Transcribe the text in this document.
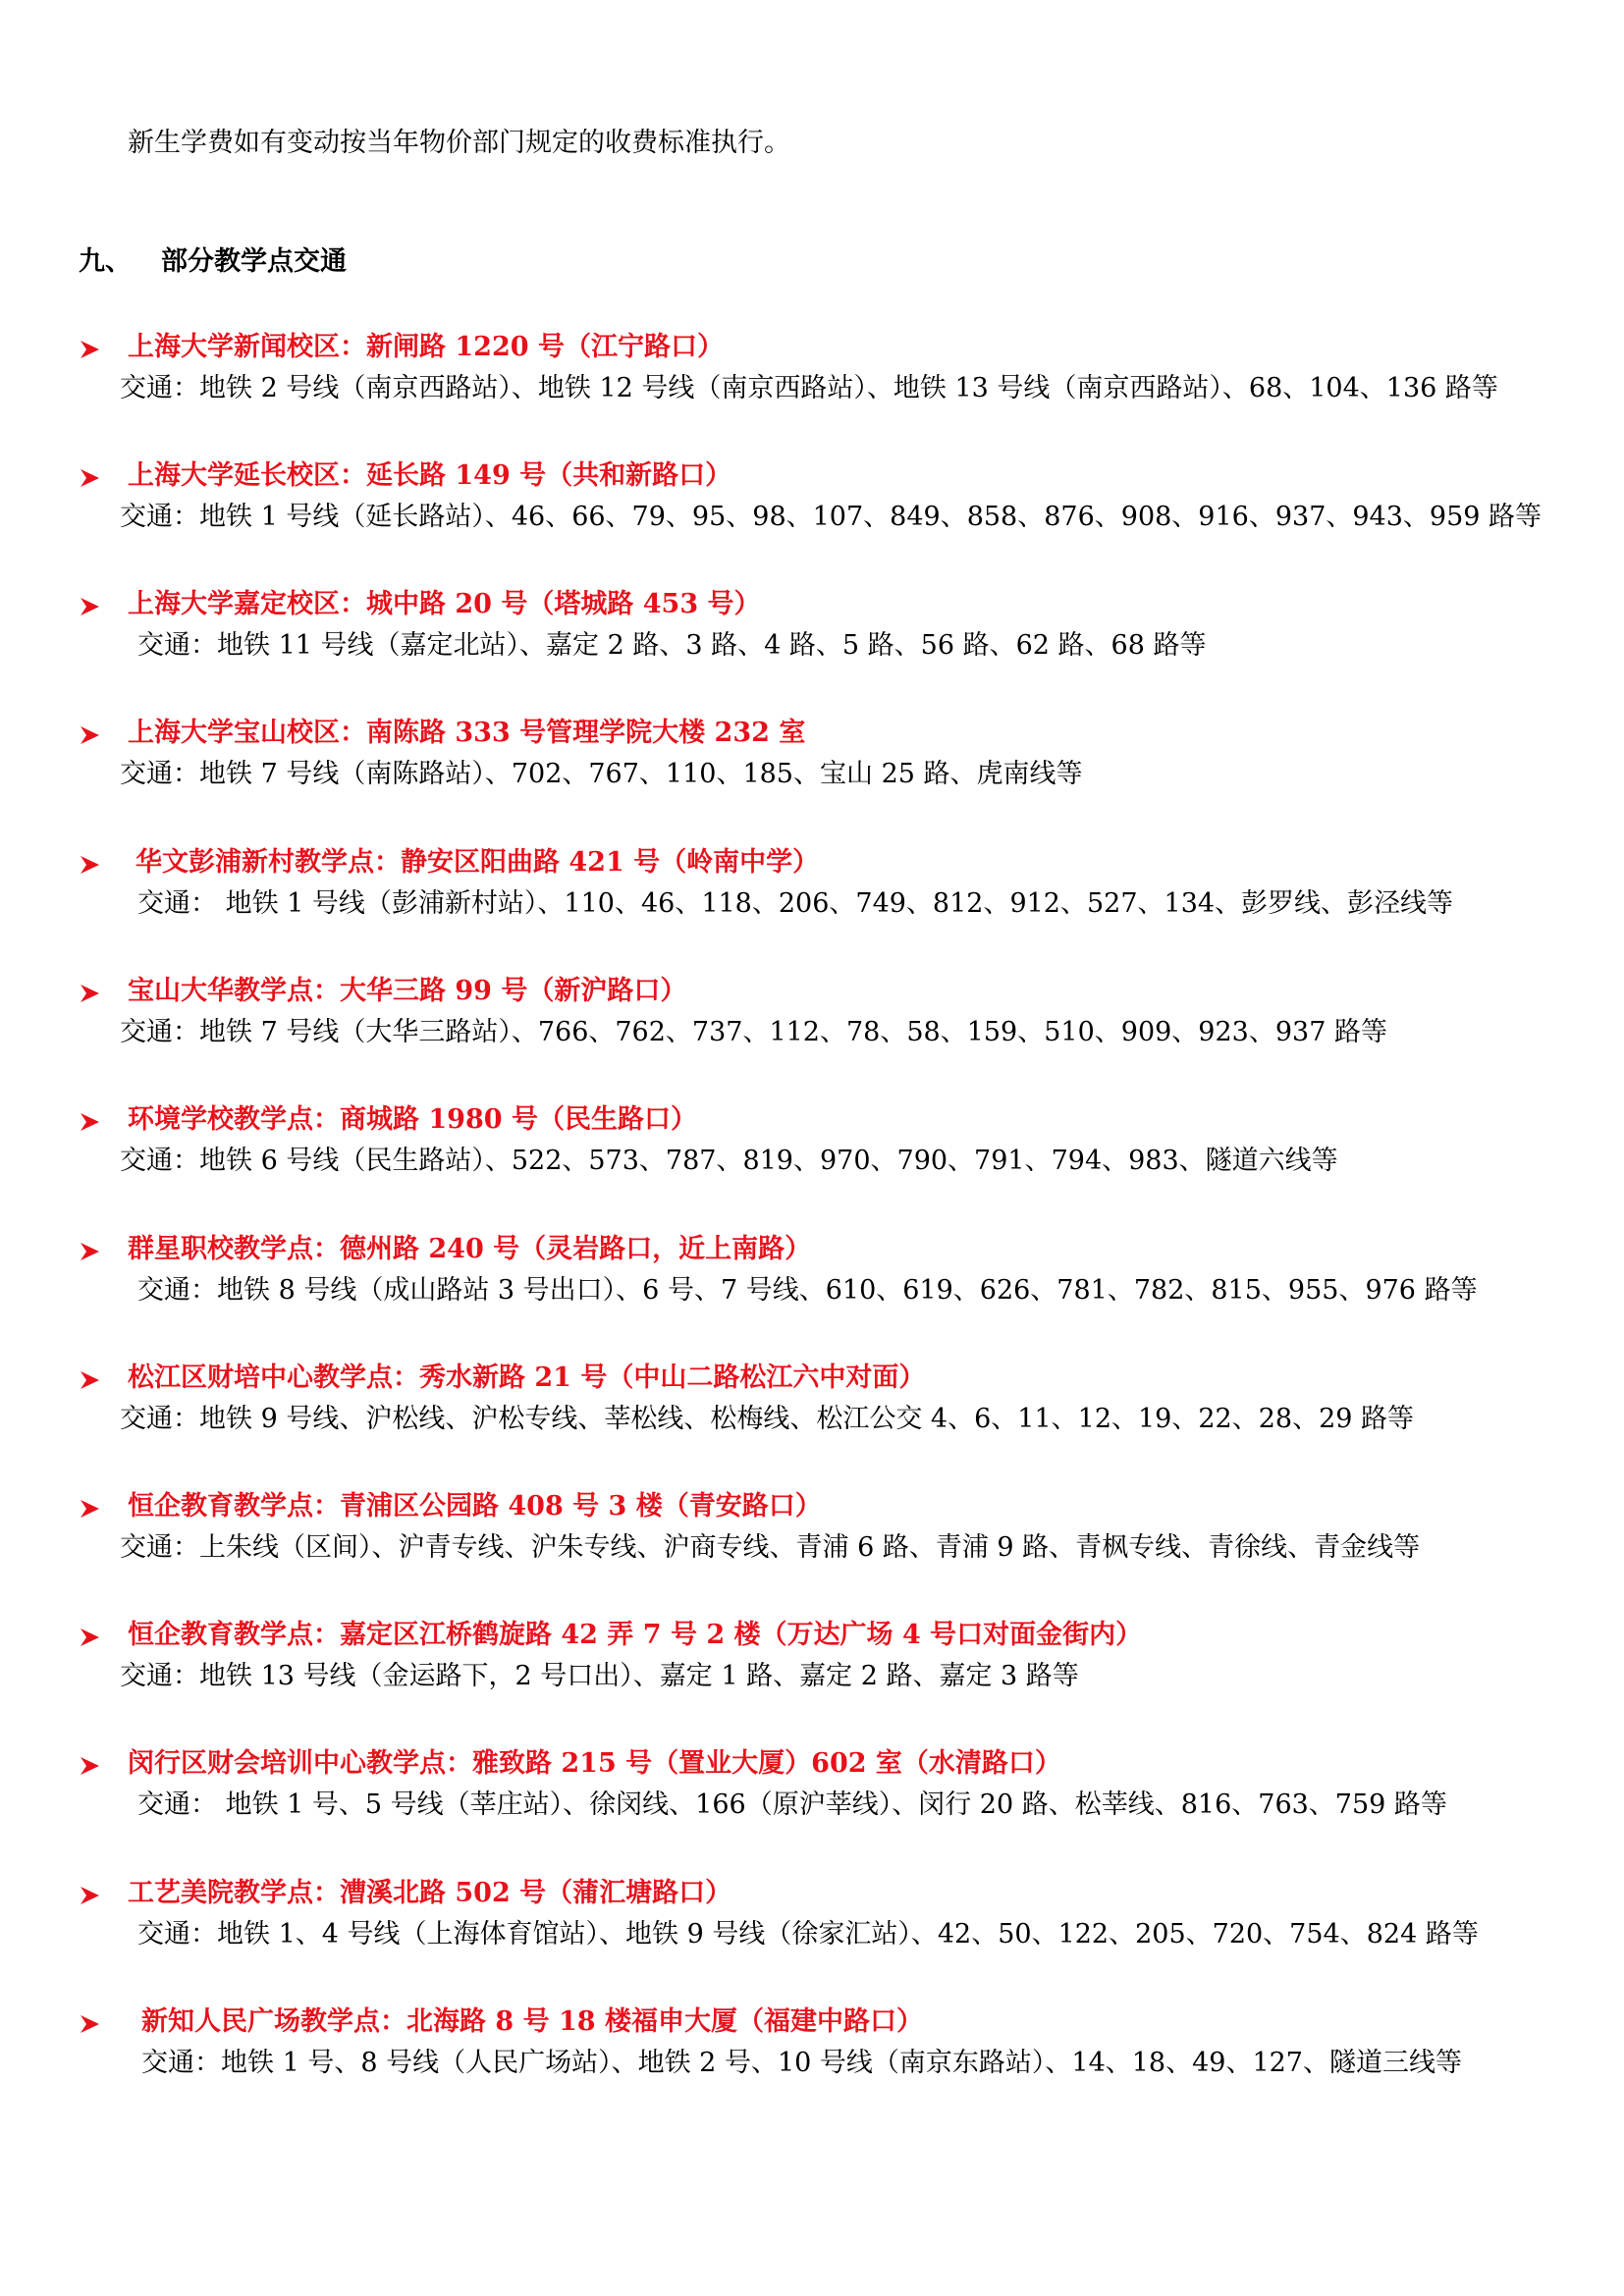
新生学费如有变动按当年物价部门规定的收费标准执行。
九、 部分教学点交通
上海大学新闻校区：新闸路 1220 号（江宁路口）
交通：地铁 2 号线（南京西路站）、地铁 12 号线（南京西路站）、地铁 13 号线（南京西路站）、68、104、136 路等
上海大学延长校区：延长路 149 号（共和新路口）
交通：地铁 1 号线（延长路站）、46、66、79、95、98、107、849、858、876、908、916、937、943、959 路等
上海大学嘉定校区：城中路 20 号（塔城路 453 号）
交通：地铁 11 号线（嘉定北站）、嘉定 2 路、3 路、4 路、5 路、56 路、62 路、68 路等
上海大学宝山校区：南陈路 333 号管理学院大楼 232 室
交通：地铁 7 号线（南陈路站）、702、767、110、185、宝山 25 路、虎南线等
华文彭浦新村教学点：静安区阳曲路 421 号（岭南中学）
交通： 地铁 1 号线（彭浦新村站）、110、46、118、206、749、812、912、527、134、彭罗线、彭泾线等
宝山大华教学点：大华三路 99 号（新沪路口）
交通：地铁 7 号线（大华三路站）、766、762、737、112、78、58、159、510、909、923、937 路等
环境学校教学点：商城路 1980 号（民生路口）
交通：地铁 6 号线（民生路站）、522、573、787、819、970、790、791、794、983、隧道六线等
群星职校教学点：德州路 240 号（灵岩路口，近上南路）
交通：地铁 8 号线（成山路站 3 号出口）、6 号、7 号线、610、619、626、781、782、815、955、976 路等
松江区财培中心教学点：秀水新路 21 号（中山二路松江六中对面）
交通：地铁 9 号线、沪松线、沪松专线、莘松线、松梅线、松江公交 4、6、11、12、19、22、28、29 路等
恒企教育教学点：青浦区公园路 408 号 3 楼（青安路口）
交通：上朱线（区间）、沪青专线、沪朱专线、沪商专线、青浦 6 路、青浦 9 路、青枫专线、青徐线、青金线等
恒企教育教学点：嘉定区江桥鹤旋路 42 弄 7 号 2 楼（万达广场 4 号口对面金街内）
交通：地铁 13 号线（金运路下，2 号口出）、嘉定 1 路、嘉定 2 路、嘉定 3 路等
闵行区财会培训中心教学点：雅致路 215 号（置业大厦）602 室（水清路口）
交通： 地铁 1 号、5 号线（莘庄站）、徐闵线、166（原沪莘线）、闵行 20 路、松莘线、816、763、759 路等
工艺美院教学点：漕溪北路 502 号（蒲汇塘路口）
交通：地铁 1、4 号线（上海体育馆站）、地铁 9 号线（徐家汇站）、42、50、122、205、720、754、824 路等
新知人民广场教学点：北海路 8 号 18 楼福申大厦（福建中路口）
交通：地铁 1 号、8 号线（人民广场站）、地铁 2 号、10 号线（南京东路站）、14、18、49、127、隧道三线等
